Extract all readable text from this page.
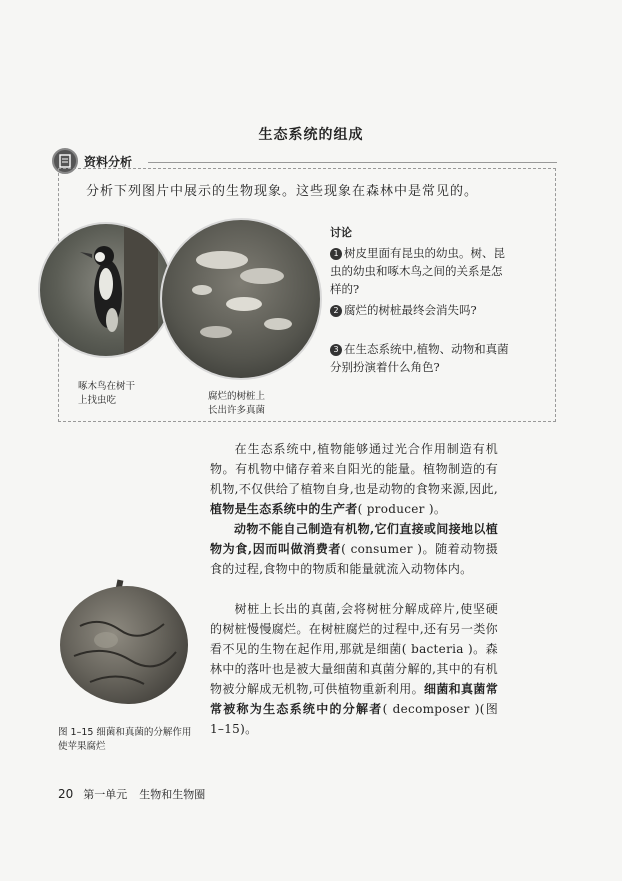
生态系统的组成
资料分析
分析下列图片中展示的生物现象。这些现象在森林中是常见的。
啄木鸟在树干
上找虫吃	腐烂的树桩上
长出许多真菌
讨论
1 树皮里面有昆虫的幼虫。树、昆虫的幼虫和啄木鸟之间的关系是怎样的?
2 腐烂的树桩最终会消失吗?
3 在生态系统中,植物、动物和真菌分别扮演着什么角色?
在生态系统中,植物能够通过光合作用制造有机物。有机物中储存着来自阳光的能量。植物制造的有机物,不仅供给了植物自身,也是动物的食物来源,因此,植物是生态系统中的生产者( producer )。
动物不能自己制造有机物,它们直接或间接地以植物为食,因而叫做消费者( consumer )。随着动物摄食的过程,食物中的物质和能量就流入动物体内。
树桩上长出的真菌,会将树桩分解成碎片,使坚硬的树桩慢慢腐烂。在树桩腐烂的过程中,还有另一类你看不见的生物在起作用,那就是细菌( bacteria )。森林中的落叶也是被大量细菌和真菌分解的,其中的有机物被分解成无机物,可供植物重新利用。细菌和真菌常常被称为生态系统中的分解者( decomposer )(图 1–15)。
图 1–15 细菌和真菌的分解作用使苹果腐烂
20 第一单元 生物和生物圈
